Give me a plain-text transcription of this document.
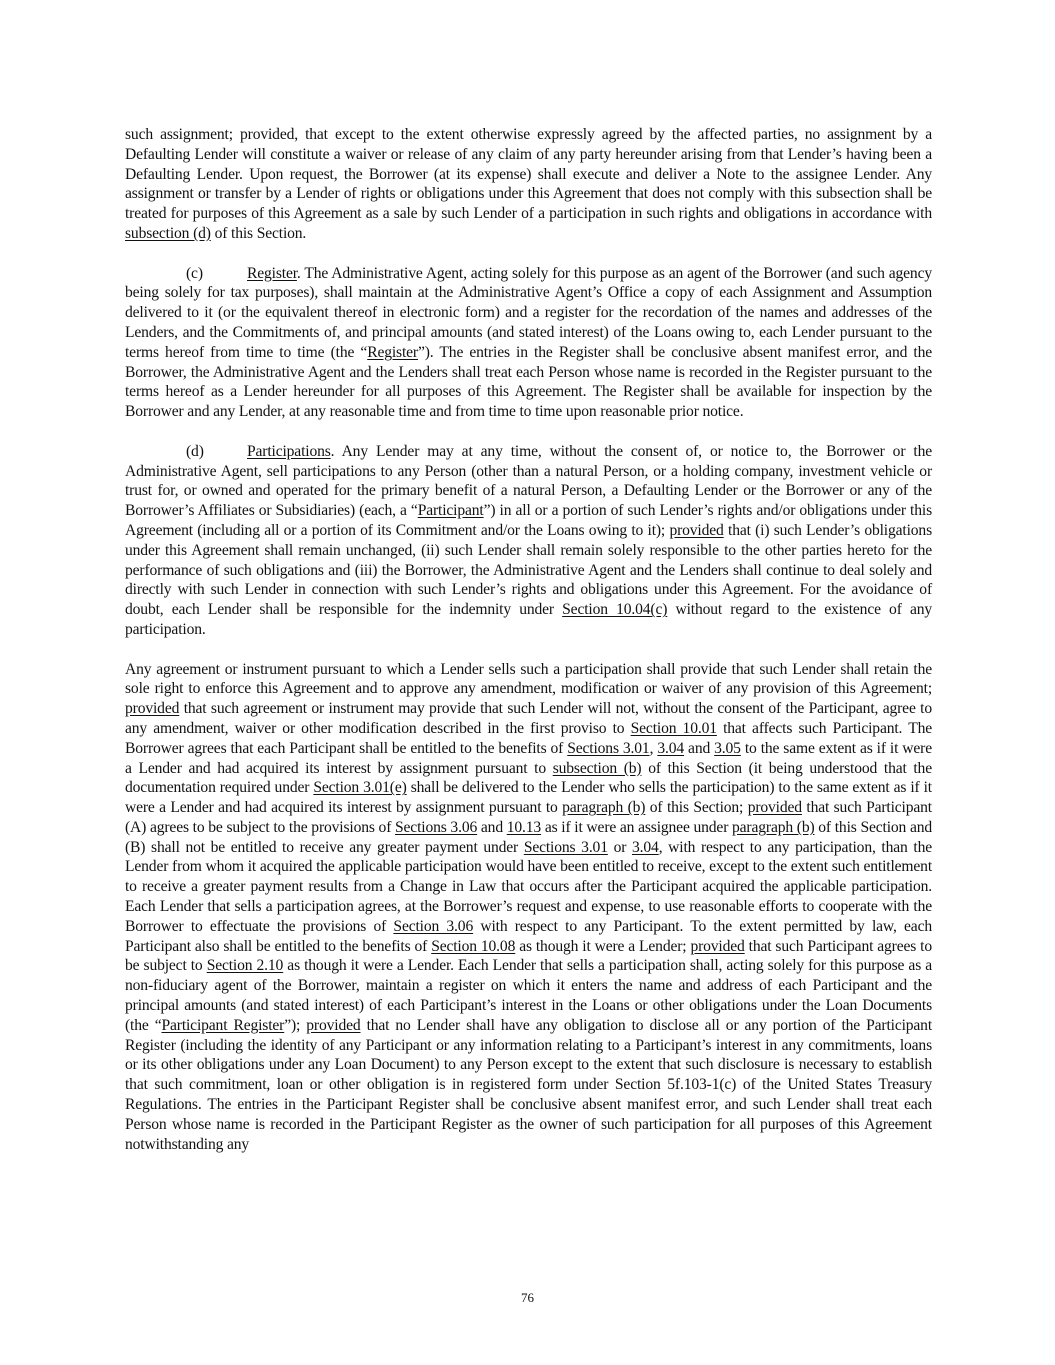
such assignment; provided, that except to the extent otherwise expressly agreed by the affected parties, no assignment by a Defaulting Lender will constitute a waiver or release of any claim of any party hereunder arising from that Lender’s having been a Defaulting Lender. Upon request, the Borrower (at its expense) shall execute and deliver a Note to the assignee Lender. Any assignment or transfer by a Lender of rights or obligations under this Agreement that does not comply with this subsection shall be treated for purposes of this Agreement as a sale by such Lender of a participation in such rights and obligations in accordance with subsection (d) of this Section.

(c)	Register. The Administrative Agent, acting solely for this purpose as an agent of the Borrower (and such agency being solely for tax purposes), shall maintain at the Administrative Agent’s Office a copy of each Assignment and Assumption delivered to it (or the equivalent thereof in electronic form) and a register for the recordation of the names and addresses of the Lenders, and the Commitments of, and principal amounts (and stated interest) of the Loans owing to, each Lender pursuant to the terms hereof from time to time (the “Register”). The entries in the Register shall be conclusive absent manifest error, and the Borrower, the Administrative Agent and the Lenders shall treat each Person whose name is recorded in the Register pursuant to the terms hereof as a Lender hereunder for all purposes of this Agreement. The Register shall be available for inspection by the Borrower and any Lender, at any reasonable time and from time to time upon reasonable prior notice.

(d)	Participations. Any Lender may at any time, without the consent of, or notice to, the Borrower or the Administrative Agent, sell participations to any Person (other than a natural Person, or a holding company, investment vehicle or trust for, or owned and operated for the primary benefit of a natural Person, a Defaulting Lender or the Borrower or any of the Borrower’s Affiliates or Subsidiaries) (each, a “Participant”) in all or a portion of such Lender’s rights and/or obligations under this Agreement (including all or a portion of its Commitment and/or the Loans owing to it); provided that (i) such Lender’s obligations under this Agreement shall remain unchanged, (ii) such Lender shall remain solely responsible to the other parties hereto for the performance of such obligations and (iii) the Borrower, the Administrative Agent and the Lenders shall continue to deal solely and directly with such Lender in connection with such Lender’s rights and obligations under this Agreement. For the avoidance of doubt, each Lender shall be responsible for the indemnity under Section 10.04(c) without regard to the existence of any participation.

Any agreement or instrument pursuant to which a Lender sells such a participation shall provide that such Lender shall retain the sole right to enforce this Agreement and to approve any amendment, modification or waiver of any provision of this Agreement; provided that such agreement or instrument may provide that such Lender will not, without the consent of the Participant, agree to any amendment, waiver or other modification described in the first proviso to Section 10.01 that affects such Participant. The Borrower agrees that each Participant shall be entitled to the benefits of Sections 3.01, 3.04 and 3.05 to the same extent as if it were a Lender and had acquired its interest by assignment pursuant to subsection (b) of this Section (it being understood that the documentation required under Section 3.01(e) shall be delivered to the Lender who sells the participation) to the same extent as if it were a Lender and had acquired its interest by assignment pursuant to paragraph (b) of this Section; provided that such Participant (A) agrees to be subject to the provisions of Sections 3.06 and 10.13 as if it were an assignee under paragraph (b) of this Section and (B) shall not be entitled to receive any greater payment under Sections 3.01 or 3.04, with respect to any participation, than the Lender from whom it acquired the applicable participation would have been entitled to receive, except to the extent such entitlement to receive a greater payment results from a Change in Law that occurs after the Participant acquired the applicable participation. Each Lender that sells a participation agrees, at the Borrower’s request and expense, to use reasonable efforts to cooperate with the Borrower to effectuate the provisions of Section 3.06 with respect to any Participant. To the extent permitted by law, each Participant also shall be entitled to the benefits of Section 10.08 as though it were a Lender; provided that such Participant agrees to be subject to Section 2.10 as though it were a Lender. Each Lender that sells a participation shall, acting solely for this purpose as a non-fiduciary agent of the Borrower, maintain a register on which it enters the name and address of each Participant and the principal amounts (and stated interest) of each Participant’s interest in the Loans or other obligations under the Loan Documents (the “Participant Register”); provided that no Lender shall have any obligation to disclose all or any portion of the Participant Register (including the identity of any Participant or any information relating to a Participant’s interest in any commitments, loans or its other obligations under any Loan Document) to any Person except to the extent that such disclosure is necessary to establish that such commitment, loan or other obligation is in registered form under Section 5f.103-1(c) of the United States Treasury Regulations. The entries in the Participant Register shall be conclusive absent manifest error, and such Lender shall treat each Person whose name is recorded in the Participant Register as the owner of such participation for all purposes of this Agreement notwithstanding any

76
